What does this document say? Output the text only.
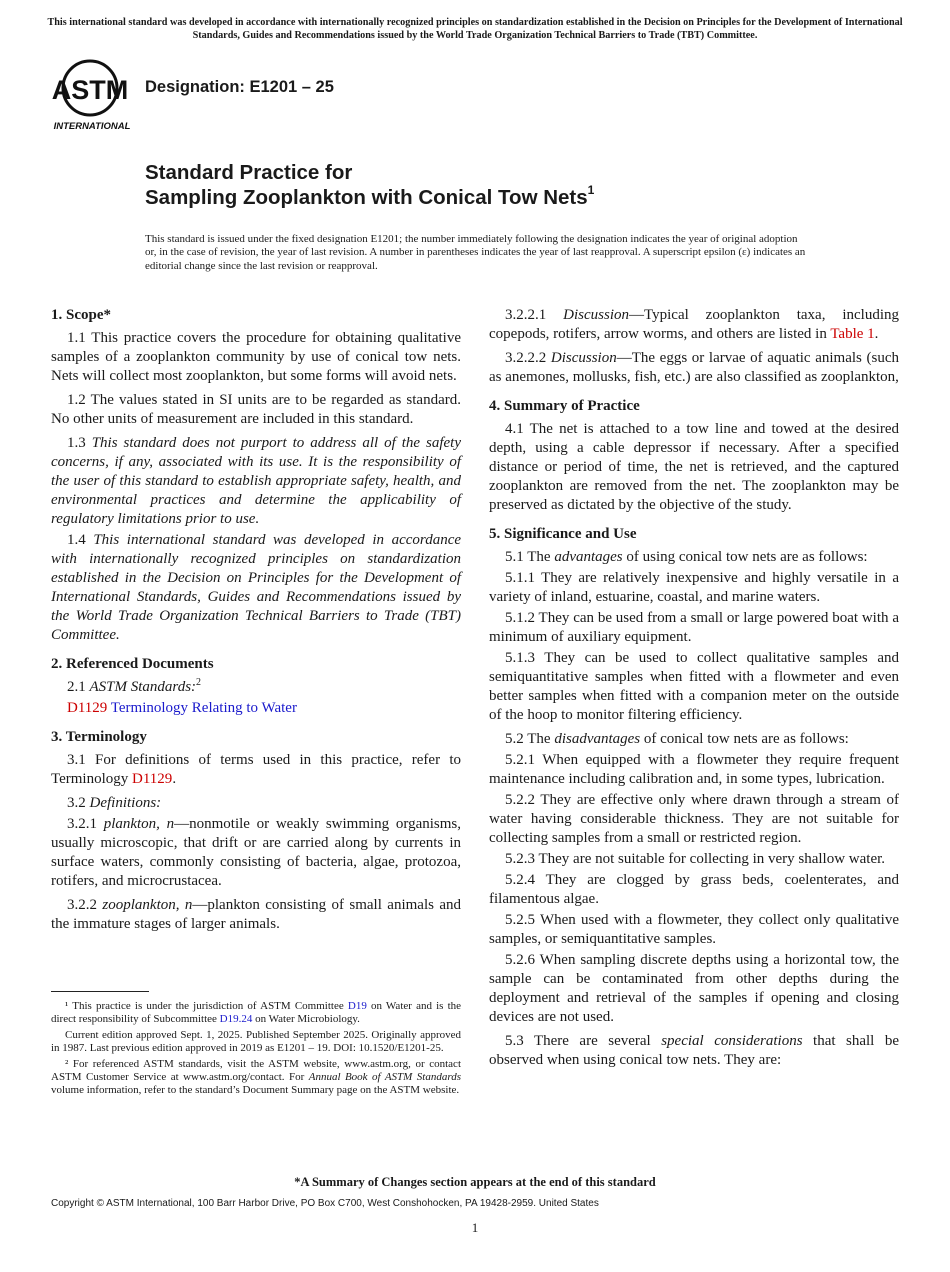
This international standard was developed in accordance with internationally recognized principles on standardization established in the Decision on Principles for the Development of International Standards, Guides and Recommendations issued by the World Trade Organization Technical Barriers to Trade (TBT) Committee.
ASTM
INTERNATIONAL
Designation: E1201 – 25
Standard Practice for
Sampling Zooplankton with Conical Tow Nets$^1$
This standard is issued under the fixed designation E1201; the number immediately following the designation indicates the year of original adoption or, in the case of revision, the year of last revision. A number in parentheses indicates the year of last reapproval. A superscript epsilon (ε) indicates an editorial change since the last revision or reapproval.
1. Scope*

1.1 This practice covers the procedure for obtaining qualitative samples of a zooplankton community by use of conical tow nets. Nets will collect most zooplankton, but some forms will avoid nets.

1.2 The values stated in SI units are to be regarded as standard. No other units of measurement are included in this standard.

1.3 This standard does not purport to address all of the safety concerns, if any, associated with its use. It is the responsibility of the user of this standard to establish appropriate safety, health, and environmental practices and determine the applicability of regulatory limitations prior to use.

1.4 This international standard was developed in accordance with internationally recognized principles on standardization established in the Decision on Principles for the Development of International Standards, Guides and Recommendations issued by the World Trade Organization Technical Barriers to Trade (TBT) Committee.

2. Referenced Documents

2.1 ASTM Standards:$^2$

D1129 Terminology Relating to Water

3. Terminology

3.1 For definitions of terms used in this practice, refer to Terminology D1129.

3.2 Definitions:

3.2.1 plankton, n—nonmotile or weakly swimming organisms, usually microscopic, that drift or are carried along by currents in surface waters, commonly consisting of bacteria, algae, protozoa, rotifers, and microcrustacea.

3.2.2 zooplankton, n—plankton consisting of small animals and the immature stages of larger animals.

¹ This practice is under the jurisdiction of ASTM Committee D19 on Water and is the direct responsibility of Subcommittee D19.24 on Water Microbiology.

Current edition approved Sept. 1, 2025. Published September 2025. Originally approved in 1987. Last previous edition approved in 2019 as E1201 – 19. DOI: 10.1520/E1201-25.

² For referenced ASTM standards, visit the ASTM website, www.astm.org, or contact ASTM Customer Service at www.astm.org/contact. For Annual Book of ASTM Standards volume information, refer to the standard’s Document Summary page on the ASTM website.

3.2.2.1 Discussion—Typical zooplankton taxa, including copepods, rotifers, arrow worms, and others are listed in Table 1.

3.2.2.2 Discussion—The eggs or larvae of aquatic animals (such as anemones, mollusks, fish, etc.) are also classified as zooplankton,

4. Summary of Practice

4.1 The net is attached to a tow line and towed at the desired depth, using a cable depressor if necessary. After a specified distance or period of time, the net is retrieved, and the captured zooplankton are removed from the net. The zooplankton may be preserved as dictated by the objective of the study.

5. Significance and Use

5.1 The advantages of using conical tow nets are as follows:

5.1.1 They are relatively inexpensive and highly versatile in a variety of inland, estuarine, coastal, and marine waters.

5.1.2 They can be used from a small or large powered boat with a minimum of auxiliary equipment.

5.1.3 They can be used to collect qualitative samples and semiquantitative samples when fitted with a flowmeter and even better samples when fitted with a companion meter on the outside of the hoop to monitor filtering efficiency.

5.2 The disadvantages of conical tow nets are as follows:

5.2.1 When equipped with a flowmeter they require frequent maintenance including calibration and, in some types, lubrication.

5.2.2 They are effective only where drawn through a stream of water having considerable thickness. They are not suitable for collecting samples from a small or restricted region.

5.2.3 They are not suitable for collecting in very shallow water.

5.2.4 They are clogged by grass beds, coelenterates, and filamentous algae.

5.2.5 When used with a flowmeter, they collect only qualitative samples, or semiquantitative samples.

5.2.6 When sampling discrete depths using a horizontal tow, the sample can be contaminated from other depths during the deployment and retrieval of the samples if opening and closing devices are not used.

5.3 There are several special considerations that shall be observed when using conical tow nets. They are:

*A Summary of Changes section appears at the end of this standard
Copyright © ASTM International, 100 Barr Harbor Drive, PO Box C700, West Conshohocken, PA 19428-2959. United States
1
